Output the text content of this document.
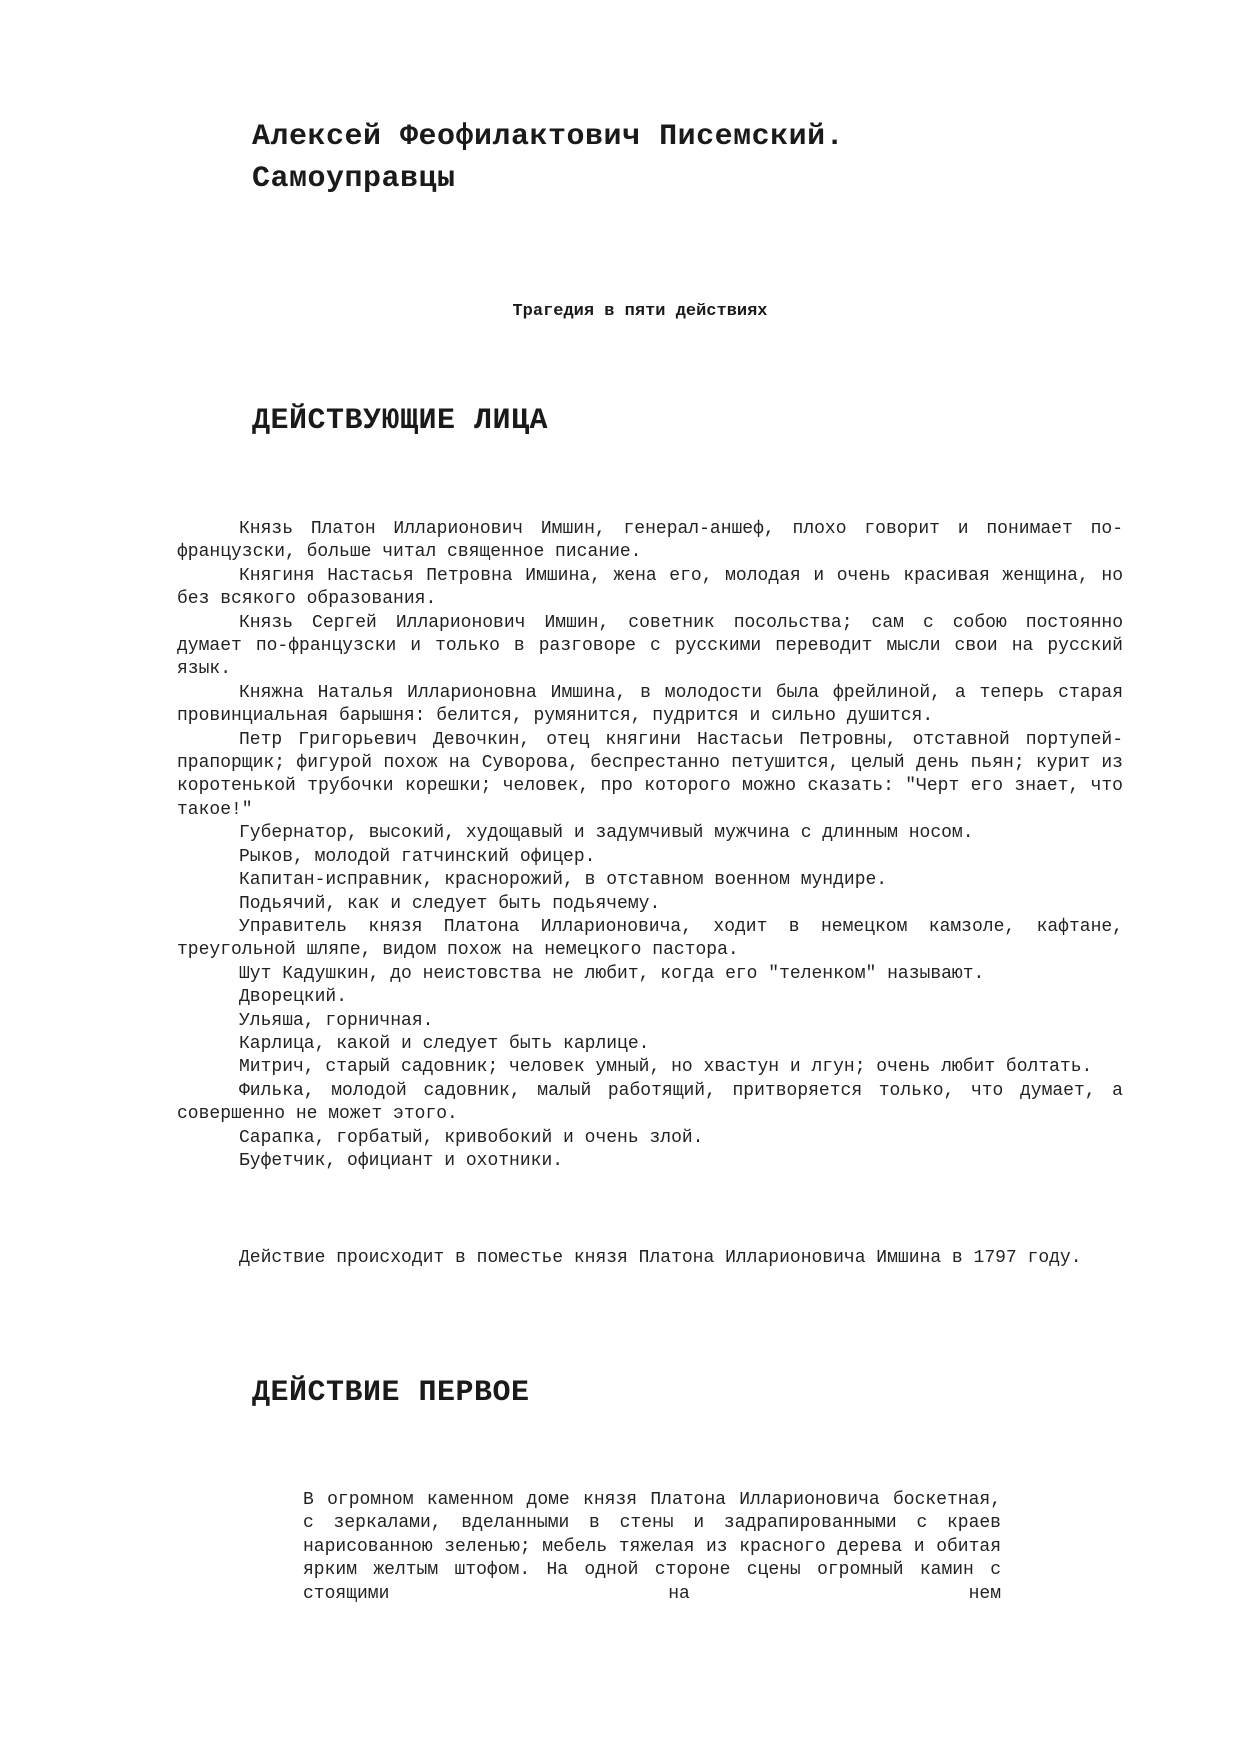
Алексей Феофилактович Писемский.
Самоуправцы

Трагедия в пяти действиях

ДЕЙСТВУЮЩИЕ ЛИЦА

Князь Платон Илларионович Имшин, генерал-аншеф, плохо говорит и понимает по-французски, больше читал священное писание.

Княгиня Настасья Петровна Имшина, жена его, молодая и очень красивая женщина, но без всякого образования.

Князь Сергей Илларионович Имшин, советник посольства; сам с собою постоянно думает по-французски и только в разговоре с русскими переводит мысли свои на русский язык.

Княжна Наталья Илларионовна Имшина, в молодости была фрейлиной, а теперь старая провинциальная барышня: белится, румянится, пудрится и сильно душится.

Петр Григорьевич Девочкин, отец княгини Настасьи Петровны, отставной портупей-прапорщик; фигурой похож на Суворова, беспрестанно петушится, целый день пьян; курит из коротенькой трубочки корешки; человек, про которого можно сказать: "Черт его знает, что такое!"

Губернатор, высокий, худощавый и задумчивый мужчина с длинным носом.

Рыков, молодой гатчинский офицер.

Капитан-исправник, краснорожий, в отставном военном мундире.

Подьячий, как и следует быть подьячему.

Управитель князя Платона Илларионовича, ходит в немецком камзоле, кафтане, треугольной шляпе, видом похож на немецкого пастора.

Шут Кадушкин, до неистовства не любит, когда его "теленком" называют.

Дворецкий.

Ульяша, горничная.

Карлица, какой и следует быть карлице.

Митрич, старый садовник; человек умный, но хвастун и лгун; очень любит болтать.

Филька, молодой садовник, малый работящий, притворяется только, что думает, а совершенно не может этого.

Сарапка, горбатый, кривобокий и очень злой.

Буфетчик, официант и охотники.

Действие происходит в поместье князя Платона Илларионовича Имшина в 1797 году.

ДЕЙСТВИЕ ПЕРВОЕ

В огромном каменном доме князя Платона Илларионовича боскетная, с зеркалами, вделанными в стены и задрапированными с краев нарисованною зеленью; мебель тяжелая из красного дерева и обитая ярким желтым штофом. На одной стороне сцены огромный камин с стоящими на нем
